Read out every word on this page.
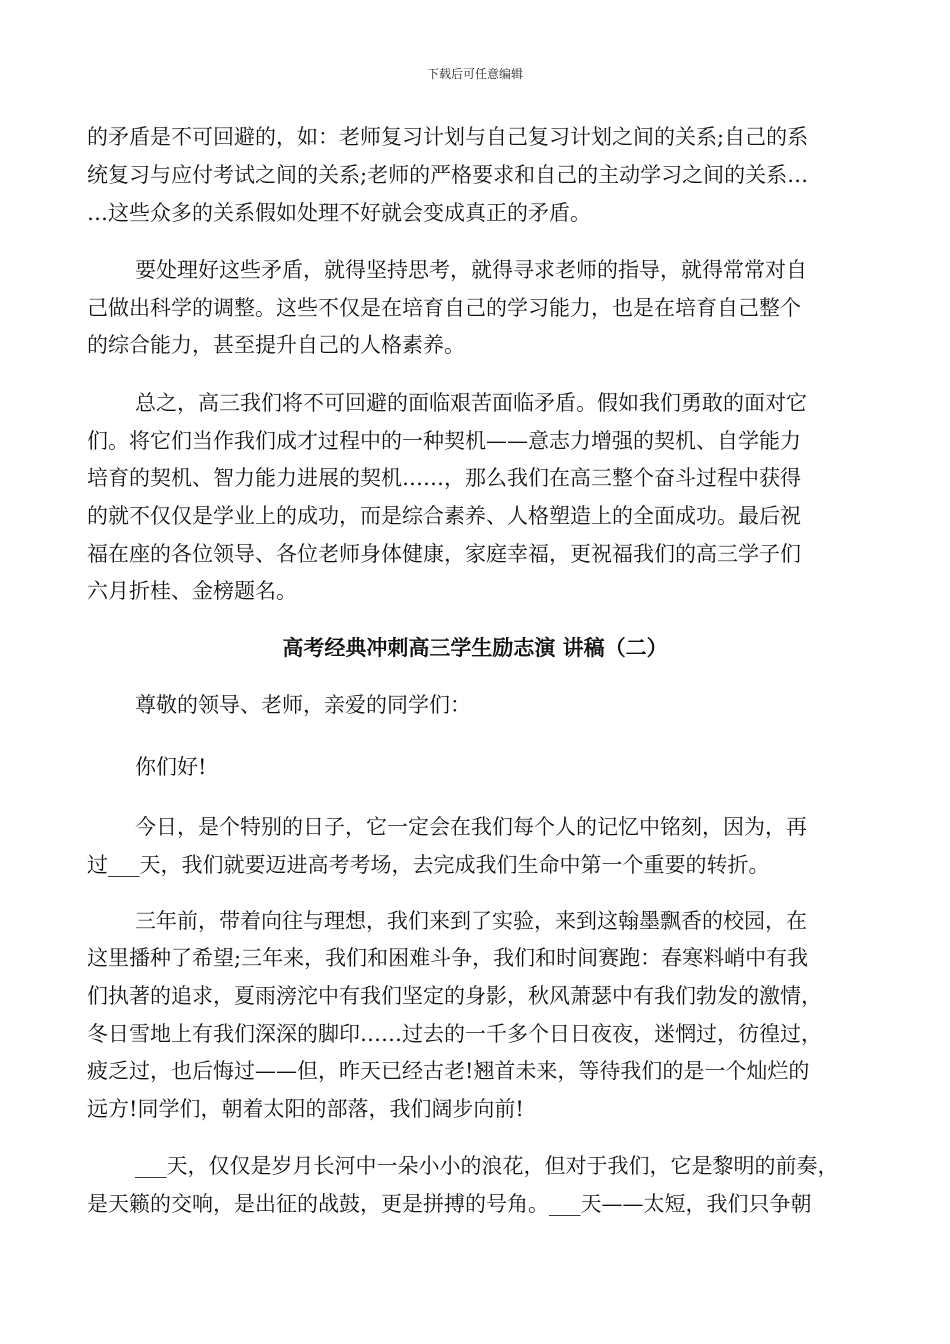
下载后可任意编辑
的矛盾是不可回避的，如：老师复习计划与自己复习计划之间的关系;自己的系
统复习与应付考试之间的关系;老师的严格要求和自己的主动学习之间的关系…
…这些众多的关系假如处理不好就会变成真正的矛盾。
要处理好这些矛盾，就得坚持思考，就得寻求老师的指导，就得常常对自
己做出科学的调整。这些不仅是在培育自己的学习能力，也是在培育自己整个
的综合能力，甚至提升自己的人格素养。
总之，高三我们将不可回避的面临艰苦面临矛盾。假如我们勇敢的面对它
们。将它们当作我们成才过程中的一种契机——意志力增强的契机、自学能力
培育的契机、智力能力进展的契机……，那么我们在高三整个奋斗过程中获得
的就不仅仅是学业上的成功，而是综合素养、人格塑造上的全面成功。最后祝
福在座的各位领导、各位老师身体健康，家庭幸福，更祝福我们的高三学子们
六月折桂、金榜题名。
高考经典冲刺高三学生励志演 讲稿（二）
尊敬的领导、老师，亲爱的同学们：
你们好!
今日，是个特别的日子，它一定会在我们每个人的记忆中铭刻，因为，再
过___天，我们就要迈进高考考场，去完成我们生命中第一个重要的转折。
三年前，带着向往与理想，我们来到了实验，来到这翰墨飘香的校园，在
这里播种了希望;三年来，我们和困难斗争，我们和时间赛跑：春寒料峭中有我
们执著的追求，夏雨滂沱中有我们坚定的身影，秋风萧瑟中有我们勃发的激情，
冬日雪地上有我们深深的脚印……过去的一千多个日日夜夜，迷惘过，彷徨过，
疲乏过，也后悔过——但，昨天已经古老!翘首未来，等待我们的是一个灿烂的
远方!同学们，朝着太阳的部落，我们阔步向前!
___天，仅仅是岁月长河中一朵小小的浪花，但对于我们，它是黎明的前奏，
是天籁的交响，是出征的战鼓，更是拼搏的号角。___天——太短，我们只争朝
